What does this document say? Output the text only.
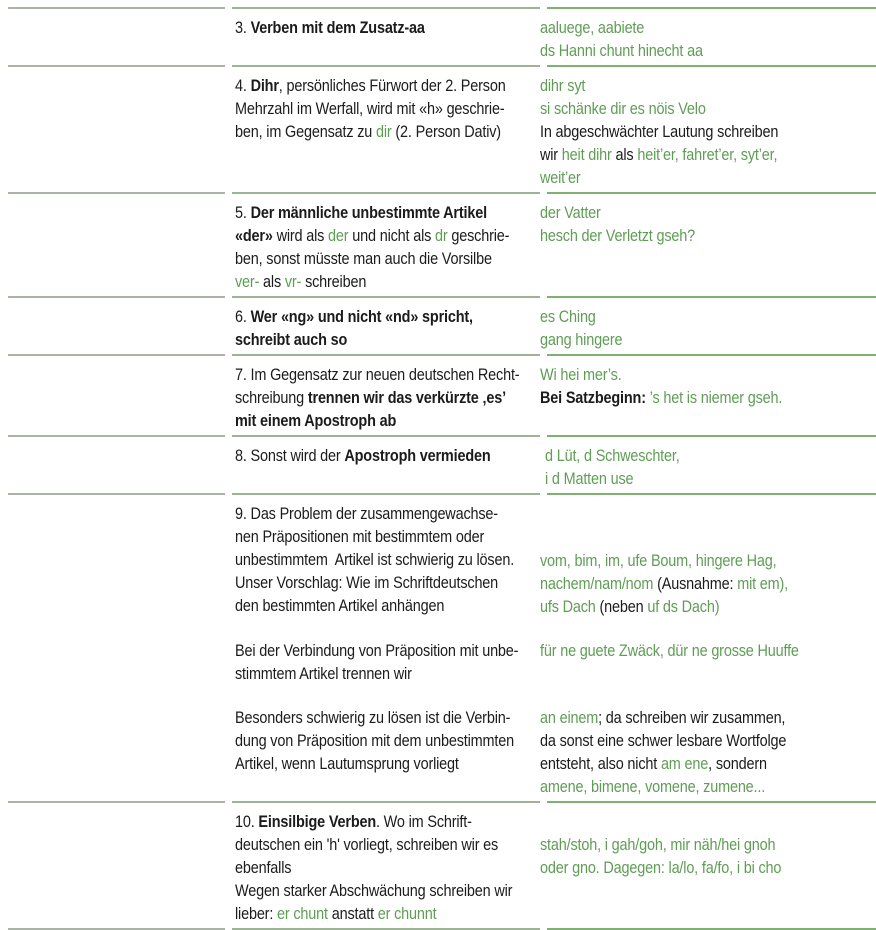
3. Verben mit dem Zusatz-aa	aaluege, aabiete
ds Hanni chunt hinecht aa
4. Dihr, persönliches Fürwort der 2. Person
Mehrzahl im Werfall, wird mit «h» geschrie-
ben, im Gegensatz zu dir (2. Person Dativ)
dihr syt
si schänke dir es nöis Velo
In abgeschwächter Lautung schreiben
wir heit dihr als heit’er, fahret’er, syt’er,
weit’er
5. Der männliche unbestimmte Artikel
«der» wird als der und nicht als dr geschrie-
ben, sonst müsste man auch die Vorsilbe
ver- als vr- schreiben
der Vatter
hesch der Verletzt gseh?
6. Wer «ng» und nicht «nd» spricht,
schreibt auch so
es Ching
gang hingere
7. Im Gegensatz zur neuen deutschen Recht-
schreibung trennen wir das verkürzte ‚es’
mit einem Apostroph ab
Wi hei mer’s.
Bei Satzbeginn: ’s het is niemer gseh.
8. Sonst wird der Apostroph vermieden	d Lüt, d Schweschter,
i d Matten use
9. Das Problem der zusammengewachse-
nen Präpositionen mit bestimmtem oder
unbestimmtem  Artikel ist schwierig zu lösen.
Unser Vorschlag: Wie im Schriftdeutschen
den bestimmten Artikel anhängen
Bei der Verbindung von Präposition mit unbe-
stimmtem Artikel trennen wir
Besonders schwierig zu lösen ist die Verbin-
dung von Präposition mit dem unbestimmten
Artikel, wenn Lautumsprung vorliegt
vom, bim, im, ufe Boum, hingere Hag,
nachem/nam/nom (Ausnahme: mit em),
ufs Dach (neben uf ds Dach)
für ne guete Zwäck, dür ne grosse Huuffe
an einem; da schreiben wir zusammen,
da sonst eine schwer lesbare Wortfolge
entsteht, also nicht am ene, sondern
amene, bimene, vomene, zumene...
10. Einsilbige Verben. Wo im Schrift-
deutschen ein 'h' vorliegt, schreiben wir es
ebenfalls
Wegen starker Abschwächung schreiben wir
lieber: er chunt anstatt er chunnt
stah/stoh, i gah/goh, mir näh/hei gnoh
oder gno. Dagegen: la/lo, fa/fo, i bi cho
